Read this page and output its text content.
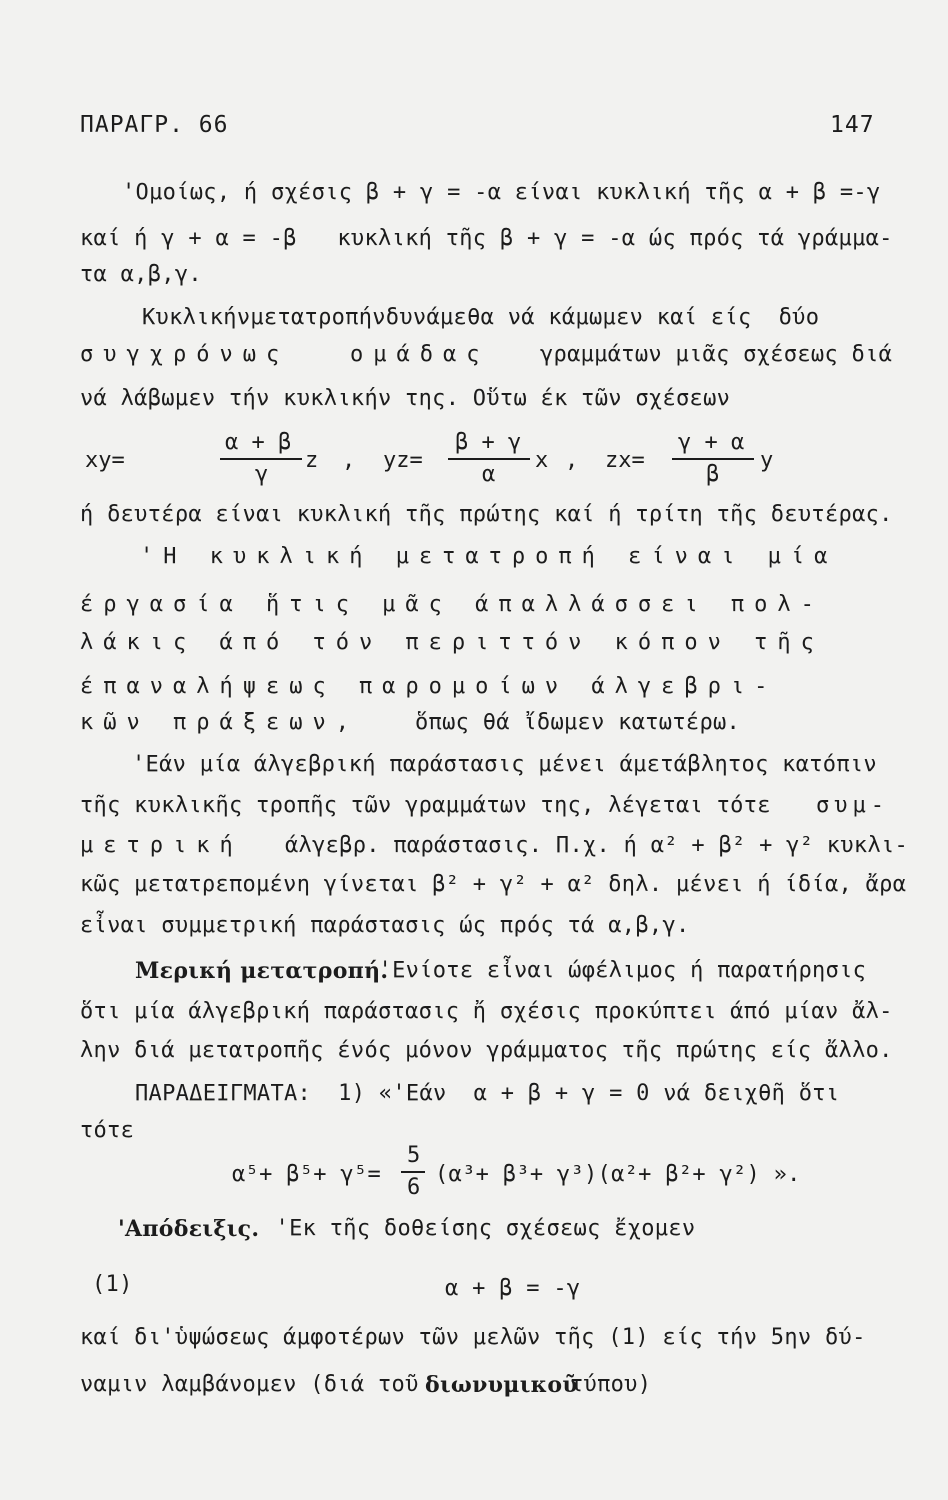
ΠΑΡΑΓΡ. 66	147
'Ομοίως, ή σχέσις β + γ = -α είναι κυκλική τῆς α + β =-γ
καί ή γ + α = -β   κυκλική τῆς β + γ = -α ώς πρός τά γράμμα-
τα α,β,γ.
Κυκλικήνμετατροπήνδυνάμεθα νά κάμωμεν καί είς  δύο
συγχρόνως	ομάδας γραμμάτων μιᾶς σχέσεως διά
νά λάβωμεν τήν κυκλικήν της. Οὕτω έκ τῶν σχέσεων
xy=
α + β
γ
z , yz=
β + γ
α
x , zx=
γ + α
β
y
ή δευτέρα είναι κυκλική τῆς πρώτης καί ή τρίτη τῆς δευτέρας.
'Η κυκλική μετατροπή είναι μία
έργασία ἥτις μᾶς άπαλλάσσει πολ-
λάκις άπό τόν περιττόν κόπον τῆς
έπαναλήψεως παρομοίων άλγεβρι-
κῶν πράξεων,	ὅπως θά ἴδωμεν κατωτέρω.
'Εάν μία άλγεβρική παράστασις μένει άμετάβλητος κατόπιν
τῆς κυκλικῆς τροπῆς τῶν γραμμάτων της, λέγεται τότε συμ-
μετρική άλγεβρ. παράστασις. Π.χ. ή α² + β² + γ² κυκλι-
κῶς μετατρεπομένη γίνεται β² + γ² + α² δηλ. μένει ή ίδία, ἄρα
εἶναι συμμετρική παράστασις ώς πρός τά α,β,γ.
Μερική μετατροπή.
'Ενίοτε εἶναι ώφέλιμος ή παρατήρησις
ὅτι μία άλγεβρική παράστασις ἤ σχέσις προκύπτει άπό μίαν ἄλ-
λην διά μετατροπῆς ένός μόνον γράμματος τῆς πρώτης είς ἄλλο.
ΠΑΡΑΔΕΙΓΜΑΤΑ:  1) «'Εάν  α + β + γ = 0 νά δειχθῆ ὅτι
τότε
α⁵+ β⁵+ γ⁵=
5
6
(α³+ β³+ γ³)(α²+ β²+ γ²) ».
'Απόδειξις. 'Εκ τῆς δοθείσης σχέσεως ἔχομεν
(1)	α + β = -γ
καί δι'ὑψώσεως άμφοτέρων τῶν μελῶν τῆς (1) είς τήν 5ην δύ-
ναμιν λαμβάνομεν (διά τοῦ διωνυμικοῦ
τύπου)
